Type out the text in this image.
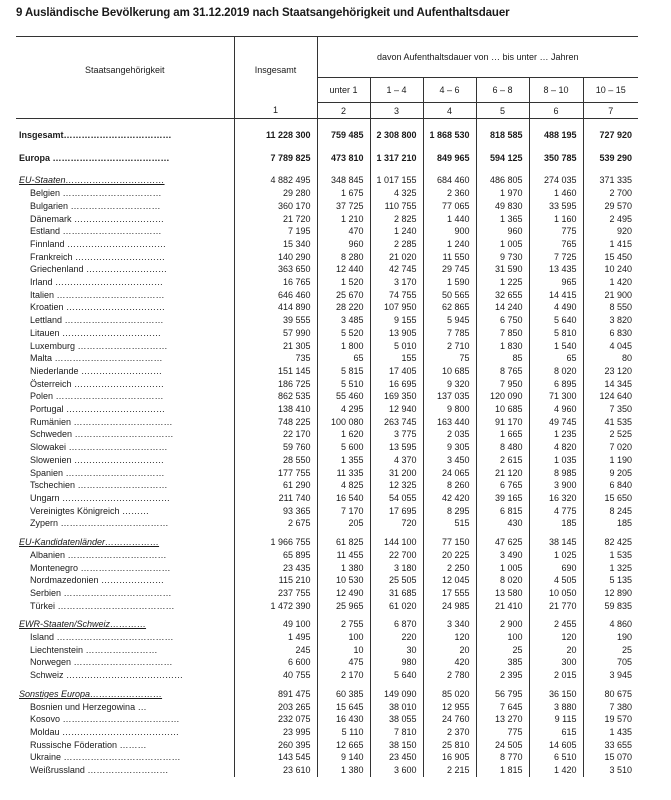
9 Ausländische Bevölkerung am 31.12.2019 nach Staatsangehörigkeit und Aufenthaltsdauer
Staatsangehörigkeit	Insgesamt	davon Aufenthaltsdauer von … bis unter … Jahren					
		unter 1	1 – 4	4 – 6	6 – 8	8 – 10	10 – 15
	1	2	3	4	5	6	7

Insgesamt………………………………	11 228 300	759 485	2 308 800	1 868 530	818 585	488 195	727 920

Europa …………………………………	7 789 825	473 810	1 317 210	849 965	594 125	350 785	539 290

EU-Staaten……………………………	4 882 495	348 845	1 017 155	684 460	486 805	274 035	371 335
Belgien ……………………………	29 280	1 675	4 325	2 360	1 970	1 460	2 700
Bulgarien …………………………	360 170	37 725	110 755	77 065	49 830	33 595	29 570
Dänemark …………………………	21 720	1 210	2 825	1 440	1 365	1 160	2 495
Estland ……………………………	7 195	470	1 240	900	960	775	920
Finnland ……………………………	15 340	960	2 285	1 240	1 005	765	1 415
Frankreich …………………………	140 290	8 280	21 020	11 550	9 730	7 725	15 450
Griechenland ………………………	363 650	12 440	42 745	29 745	31 590	13 435	10 240
Irland ………………………………	16 765	1 520	3 170	1 590	1 225	965	1 420
Italien ………………………………	646 460	25 670	74 755	50 565	32 655	14 415	21 900
Kroatien ……………………………	414 890	28 220	107 950	62 865	14 240	4 490	8 550
Lettland ……………………………	39 555	3 485	9 155	5 945	6 750	5 640	3 820
Litauen ……………………………	57 990	5 520	13 905	7 785	7 850	5 810	6 830
Luxemburg …………………………	21 305	1 800	5 010	2 710	1 830	1 540	4 045
Malta ………………………………	735	65	155	75	85	65	80
Niederlande ………………………	151 145	5 815	17 405	10 685	8 765	8 020	23 120
Österreich …………………………	186 725	5 510	16 695	9 320	7 950	6 895	14 345
Polen ………………………………	862 535	55 460	169 350	137 035	120 090	71 300	124 640
Portugal ……………………………	138 410	4 295	12 940	9 800	10 685	4 960	7 350
Rumänien ……………………………	748 225	100 080	263 745	163 440	91 170	49 745	41 535
Schweden ……………………………	22 170	1 620	3 775	2 035	1 665	1 235	2 525
Slowakei ……………………………	59 760	5 600	13 595	9 305	8 480	4 820	7 020
Slowenien …………………………	28 550	1 355	4 370	3 450	2 615	1 035	1 190
Spanien ……………………………	177 755	11 335	31 200	24 065	21 120	8 985	9 205
Tschechien …………………………	61 290	4 825	12 325	8 260	6 765	3 900	6 840
Ungarn ………………………………	211 740	16 540	54 055	42 420	39 165	16 320	15 650
Vereinigtes Königreich ………	93 365	7 170	17 695	8 295	6 815	4 775	8 245
Zypern ………………………………	2 675	205	720	515	430	185	185

EU-Kandidatenländer………………	1 966 755	61 825	144 100	77 150	47 625	38 145	82 425
Albanien ……………………………	65 895	11 455	22 700	20 225	3 490	1 025	1 535
Montenegro …………………………	23 435	1 380	3 180	2 250	1 005	690	1 325
Nordmazedonien …………………	115 210	10 530	25 505	12 045	8 020	4 505	5 135
Serbien ………………………………	237 755	12 490	31 685	17 555	13 580	10 050	12 890
Türkei …………………………………	1 472 390	25 965	61 020	24 985	21 410	21 770	59 835

EWR-Staaten/Schweiz…………	49 100	2 755	6 870	3 340	2 900	2 455	4 860
Island …………………………………	1 495	100	220	120	100	120	190
Liechtenstein ……………………	245	10	30	20	25	20	25
Norwegen ……………………………	6 600	475	980	420	385	300	705
Schweiz …………………………………	40 755	2 170	5 640	2 780	2 395	2 015	3 945

Sonstiges Europa……………………	891 475	60 385	149 090	85 020	56 795	36 150	80 675
Bosnien und Herzegowina …	203 265	15 645	38 010	12 955	7 645	3 880	7 380
Kosovo …………………………………	232 075	16 430	38 055	24 760	13 270	9 115	19 570
Moldau …………………………………	23 995	5 110	7 810	2 370	775	615	1 435
Russische Föderation ………	260 395	12 665	38 150	25 810	24 505	14 605	33 655
Ukraine …………………………………	143 545	9 140	23 450	16 905	8 770	6 510	15 070
Weißrussland ………………………	23 610	1 380	3 600	2 215	1 815	1 420	3 510
